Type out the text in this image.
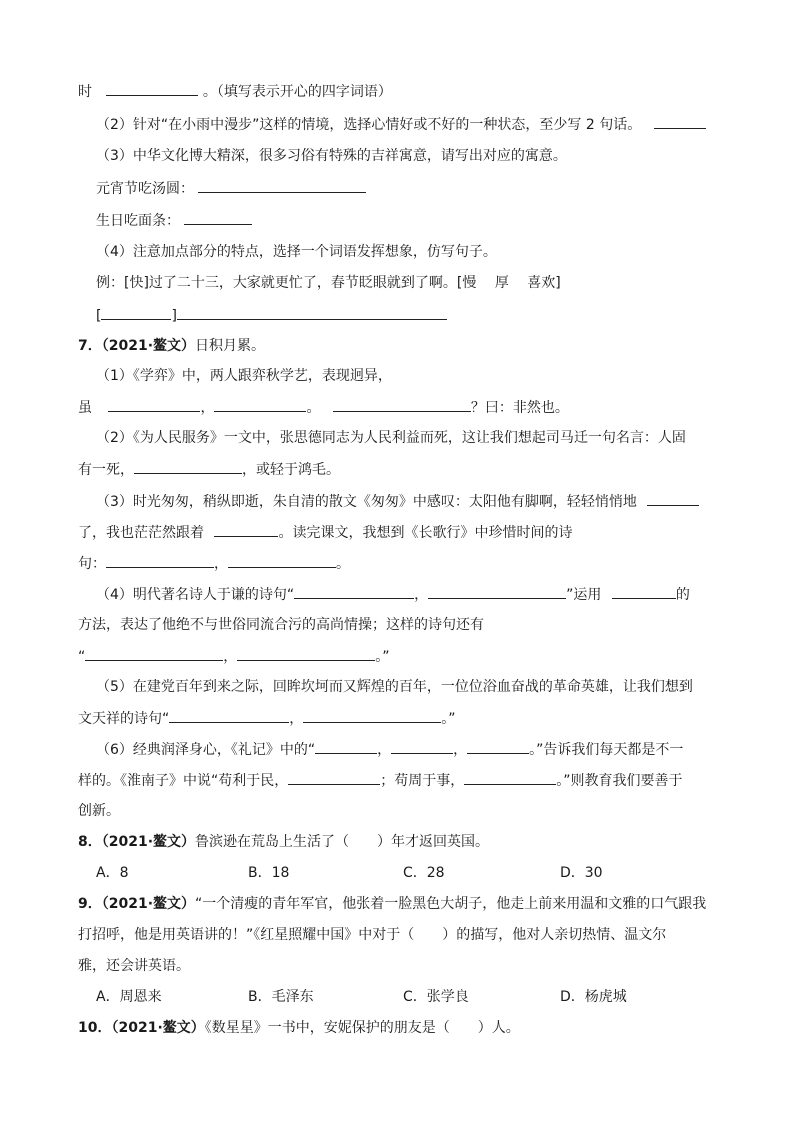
时	。（填写表示开心的四字词语）
（2）针对“在小雨中漫步”这样的情境，选择心情好或不好的一种状态，至少写 2 句话。
（3）中华文化博大精深，很多习俗有特殊的吉祥寓意，请写出对应的寓意。
元宵节吃汤圆：
生日吃面条：
（4）注意加点部分的特点，选择一个词语发挥想象，仿写句子。
例：[快]过了二十三，大家就更忙了，春节眨眼就到了啊。[慢　 厚　 喜欢]
[	]
7．（2021·鳌文）日积月累。
（1）《学弈》中，两人跟弈秋学艺，表现迥异，
虽	，	。	？曰：非然也。
（2）《为人民服务》一文中，张思德同志为人民利益而死，这让我们想起司马迁一句名言：人固
有一死，	，或轻于鸿毛。
（3）时光匆匆，稍纵即逝，朱自清的散文《匆匆》中感叹：太阳他有脚啊，轻轻悄悄地
了，我也茫茫然跟着	。读完课文，我想到《长歌行》中珍惜时间的诗
句：	，	。
（4）明代著名诗人于谦的诗句“	，	”运用	的
方法，表达了他绝不与世俗同流合污的高尚情操；这样的诗句还有
“	，	。”
（5）在建党百年到来之际，回眸坎坷而又辉煌的百年，一位位浴血奋战的革命英雄，让我们想到
文天祥的诗句“	，	。”
（6）经典润泽身心，《礼记》中的“	，	，	。”告诉我们每天都是不一
样的。《淮南子》中说“苟利于民，	；苟周于事，	。”则教育我们要善于
创新。
8．（2021·鳌文）鲁滨逊在荒岛上生活了（　　）年才返回英国。
A．8	B．18	C．28	D．30
9．（2021·鳌文）“一个清瘦的青年军官，他张着一脸黑色大胡子，他走上前来用温和文雅的口气跟我
打招呼，他是用英语讲的！”《红星照耀中国》中对于（　　）的描写，他对人亲切热情、温文尔
雅，还会讲英语。
A．周恩来	B．毛泽东	C．张学良	D．杨虎城
10．（2021·鳌文）《数星星》一书中，安妮保护的朋友是（　　）人。
